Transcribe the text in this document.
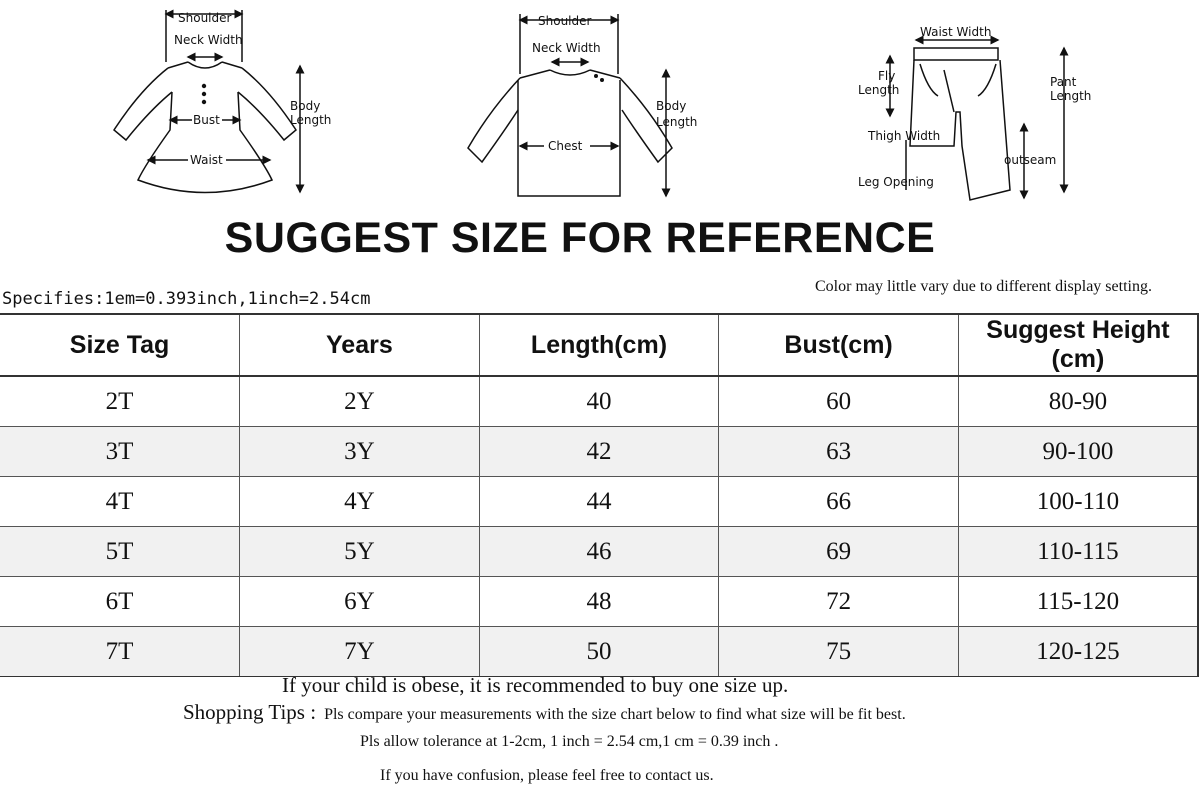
Shoulder
Neck Width
Bust
Waist
Body
Length
Shoulder
Neck Width
Chest
Body
Length
Waist Width
Fly
Length
Thigh Width
Leg Opening
outseam
Pant
Length
SUGGEST SIZE FOR REFERENCE
Specifies:1em=0.393inch,1inch=2.54cm
Color may little vary due to different display setting.
Size Tag	Years	Length(cm)	Bust(cm)	Suggest Height (cm)
2T	2Y	40	60	80-90
3T	3Y	42	63	90-100
4T	4Y	44	66	100-110
5T	5Y	46	69	110-115
6T	6Y	48	72	115-120
7T	7Y	50	75	120-125
If your child is obese, it is recommended to buy one size up.
Shopping Tips : Pls compare your measurements with the size chart below to find what size will be fit best.
Pls allow tolerance at 1-2cm, 1 inch = 2.54 cm,1 cm = 0.39 inch .
If you have confusion, please feel free to contact us.
